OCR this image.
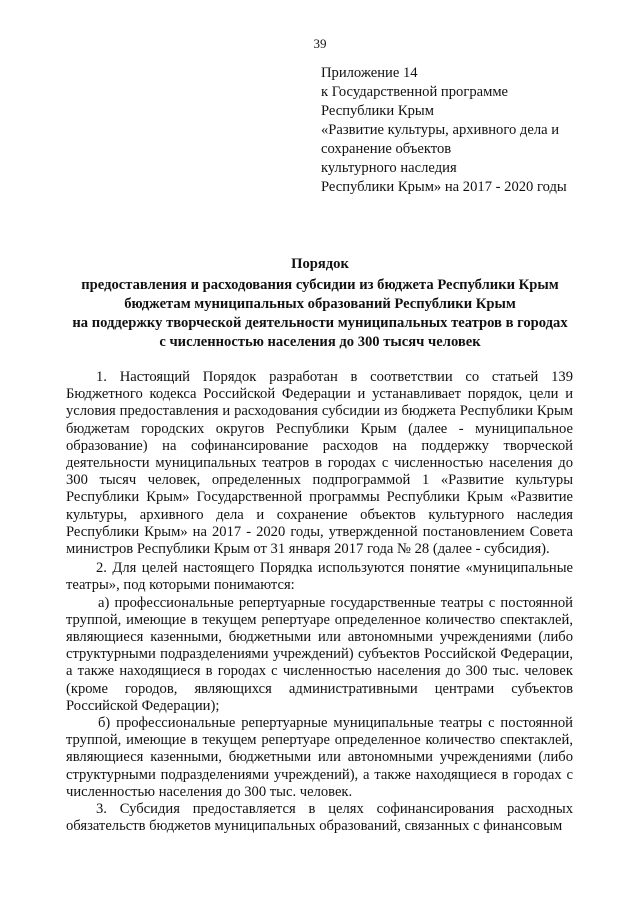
39
Приложение 14
к Государственной программе
Республики Крым
«Развитие культуры, архивного дела и
сохранение объектов
культурного наследия
Республики Крым» на 2017 - 2020 годы
Порядок
предоставления и расходования субсидии из бюджета Республики Крым
бюджетам муниципальных образований Республики Крым
на поддержку творческой деятельности муниципальных театров в городах
с численностью населения до 300 тысяч человек

1. Настоящий Порядок разработан в соответствии со статьей 139 Бюджетного кодекса Российской Федерации и устанавливает порядок, цели и условия предоставления и расходования субсидии из бюджета Республики Крым бюджетам городских округов Республики Крым (далее - муниципальное образование) на софинансирование расходов на поддержку творческой деятельности муниципальных театров в городах с численностью населения до 300 тысяч человек, определенных подпрограммой 1 «Развитие культуры Республики Крым» Государственной программы Республики Крым «Развитие культуры, архивного дела и сохранение объектов культурного наследия Республики Крым» на 2017 - 2020 годы, утвержденной постановлением Совета министров Республики Крым от 31 января 2017 года № 28 (далее - субсидия).

2. Для целей настоящего Порядка используются понятие «муниципальные театры», под которыми понимаются:

а) профессиональные репертуарные государственные театры с постоянной труппой, имеющие в текущем репертуаре определенное количество спектаклей, являющиеся казенными, бюджетными или автономными учреждениями (либо структурными подразделениями учреждений) субъектов Российской Федерации, а также находящиеся в городах с численностью населения до 300 тыс. человек (кроме городов, являющихся административными центрами субъектов Российской Федерации);

б) профессиональные репертуарные муниципальные театры с постоянной труппой, имеющие в текущем репертуаре определенное количество спектаклей, являющиеся казенными, бюджетными или автономными учреждениями (либо структурными подразделениями учреждений), а также находящиеся в городах с численностью населения до 300 тыс. человек.

3. Субсидия предоставляется в целях софинансирования расходных обязательств бюджетов муниципальных образований, связанных с финансовым
